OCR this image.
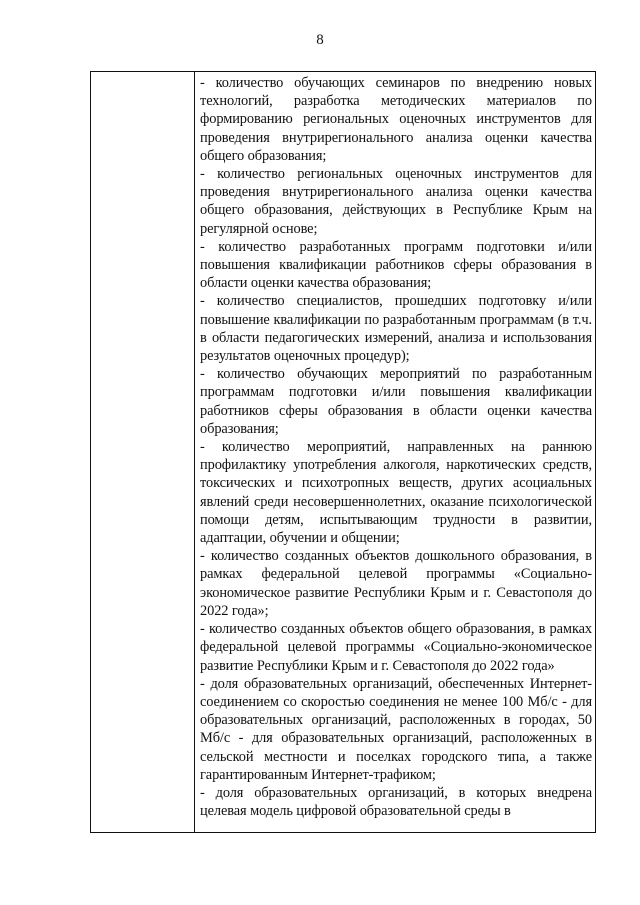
8

- количество обучающих семинаров по внедрению новых технологий, разработка методических материалов по формированию региональных оценочных инструментов для проведения внутрирегионального анализа оценки качества общего образования;

- количество региональных оценочных инструментов для проведения внутрирегионального анализа оценки качества общего образования, действующих в Республике Крым на регулярной основе;

- количество разработанных программ подготовки и/или повышения квалификации работников сферы образования в области оценки качества образования;

- количество специалистов, прошедших подготовку и/или повышение квалификации по разработанным программам (в т.ч. в области педагогических измерений, анализа и использования результатов оценочных процедур);

- количество обучающих мероприятий по разработанным программам подготовки и/или повышения квалификации работников сферы образования в области оценки качества образования;

- количество мероприятий, направленных на раннюю профилактику употребления алкоголя, наркотических средств, токсических и психотропных веществ, других асоциальных явлений среди несовершеннолетних, оказание психологической помощи детям, испытывающим трудности в развитии, адаптации, обучении и общении;

- количество созданных объектов дошкольного образования, в рамках федеральной целевой программы «Социально-экономическое развитие Республики Крым и г. Севастополя до 2022 года»;

- количество созданных объектов общего образования, в рамках федеральной целевой программы «Социально-экономическое развитие Республики Крым и г. Севастополя до 2022 года»

- доля образовательных организаций, обеспеченных Интернет-соединением со скоростью соединения не менее 100 Мб/с - для образовательных организаций, расположенных в городах, 50 Мб/с - для образовательных организаций, расположенных в сельской местности и поселках городского типа, а также гарантированным Интернет-трафиком;

- доля образовательных организаций, в которых внедрена целевая модель цифровой образовательной среды в
